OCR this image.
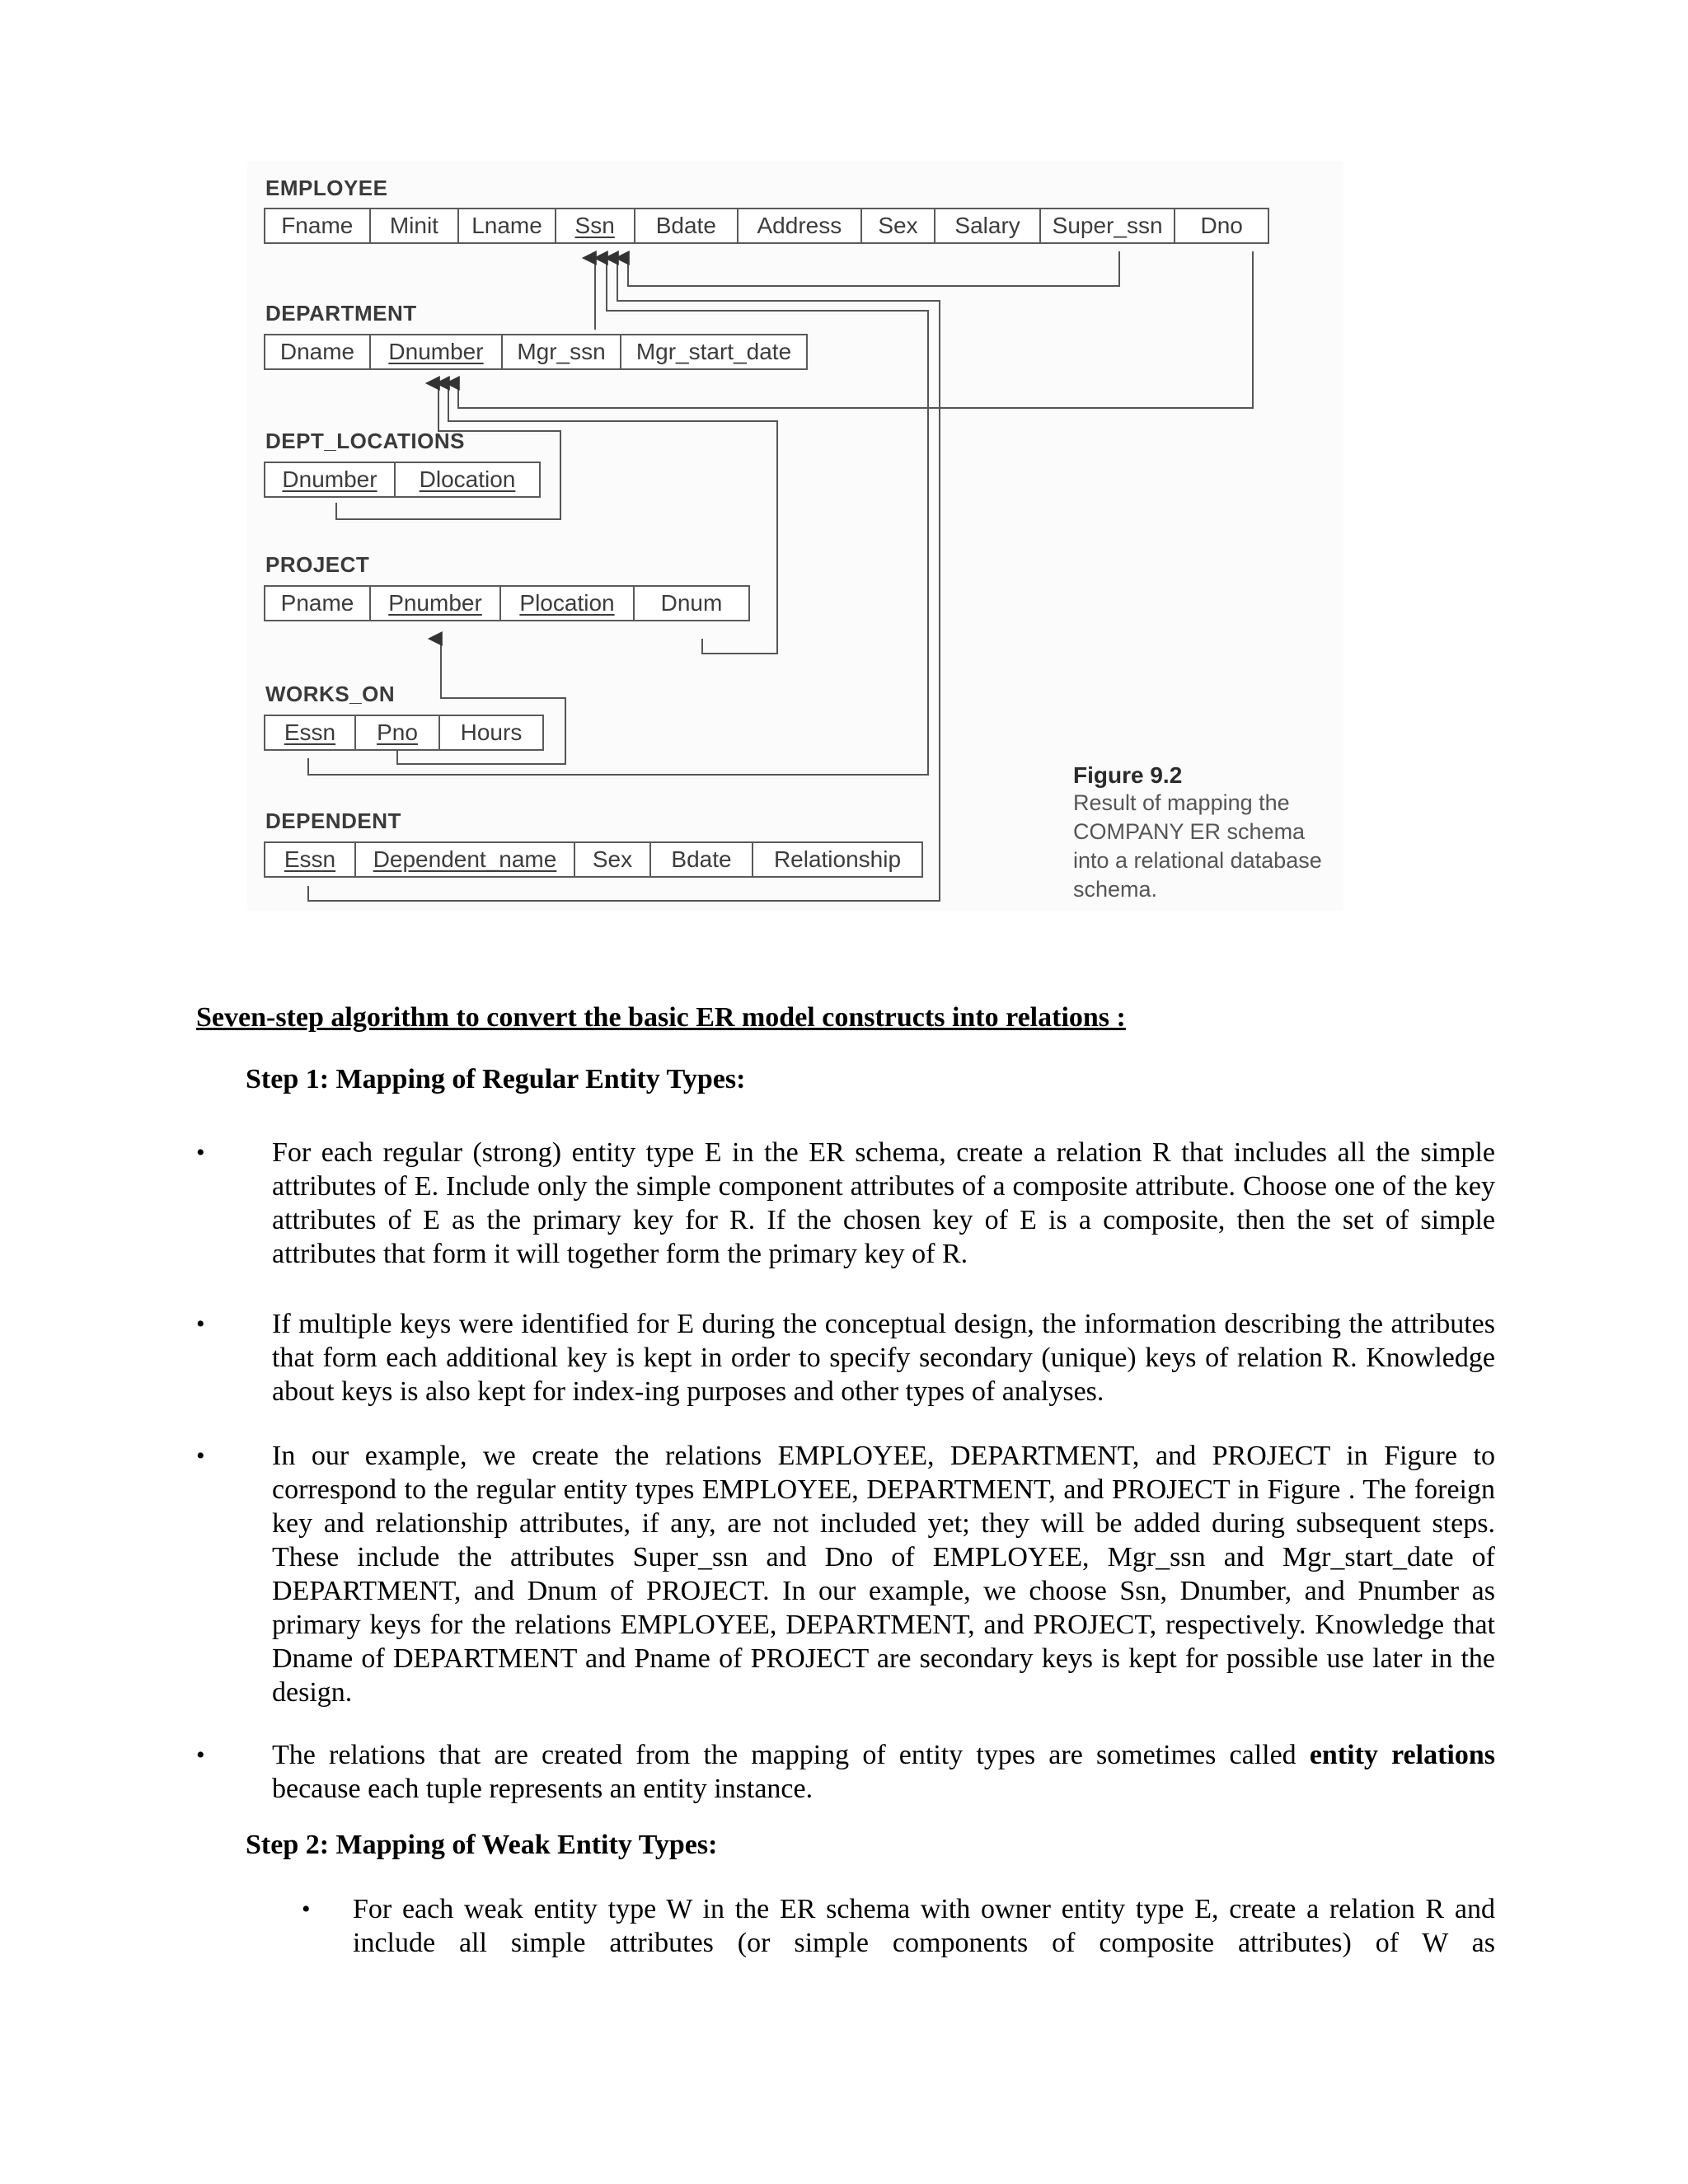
EMPLOYEE
Fname Minit Lname Ssn Bdate Address Sex Salary Super_ssn Dno
DEPARTMENT
Dname Dnumber Mgr_ssn Mgr_start_date
DEPT_LOCATIONS
Dnumber Dlocation
PROJECT
Pname Pnumber Plocation Dnum
WORKS_ON
Essn Pno Hours
DEPENDENT
Essn Dependent_name Sex Bdate Relationship
Figure 9.2
Result of mapping the
COMPANY ER schema
into a relational database
schema.
Seven-step algorithm to convert the basic ER model constructs into relations :
Step 1: Mapping of Regular Entity Types:
• For each regular (strong) entity type E in the ER schema, create a relation R that includes all the simple attributes of E. Include only the simple component attributes of a composite attribute. Choose one of the key attributes of E as the primary key for R. If the chosen key of E is a composite, then the set of simple attributes that form it will together form the primary key of R.
• If multiple keys were identified for E during the conceptual design, the information describing the attributes that form each additional key is kept in order to specify secondary (unique) keys of relation R. Knowledge about keys is also kept for index-ing purposes and other types of analyses.
• In our example, we create the relations EMPLOYEE, DEPARTMENT, and PROJECT in Figure to correspond to the regular entity types EMPLOYEE, DEPARTMENT, and PROJECT in Figure . The foreign key and relationship attributes, if any, are not included yet; they will be added during subsequent steps. These include the attributes Super_ssn and Dno of EMPLOYEE, Mgr_ssn and Mgr_start_date of DEPARTMENT, and Dnum of PROJECT. In our example, we choose Ssn, Dnumber, and Pnumber as primary keys for the relations EMPLOYEE, DEPARTMENT, and PROJECT, respectively. Knowledge that Dname of DEPARTMENT and Pname of PROJECT are secondary keys is kept for possible use later in the design.
• The relations that are created from the mapping of entity types are sometimes called entity relations because each tuple represents an entity instance.
Step 2: Mapping of Weak Entity Types:
• For each weak entity type W in the ER schema with owner entity type E, create a relation R and include all simple attributes (or simple components of composite attributes) of W as
